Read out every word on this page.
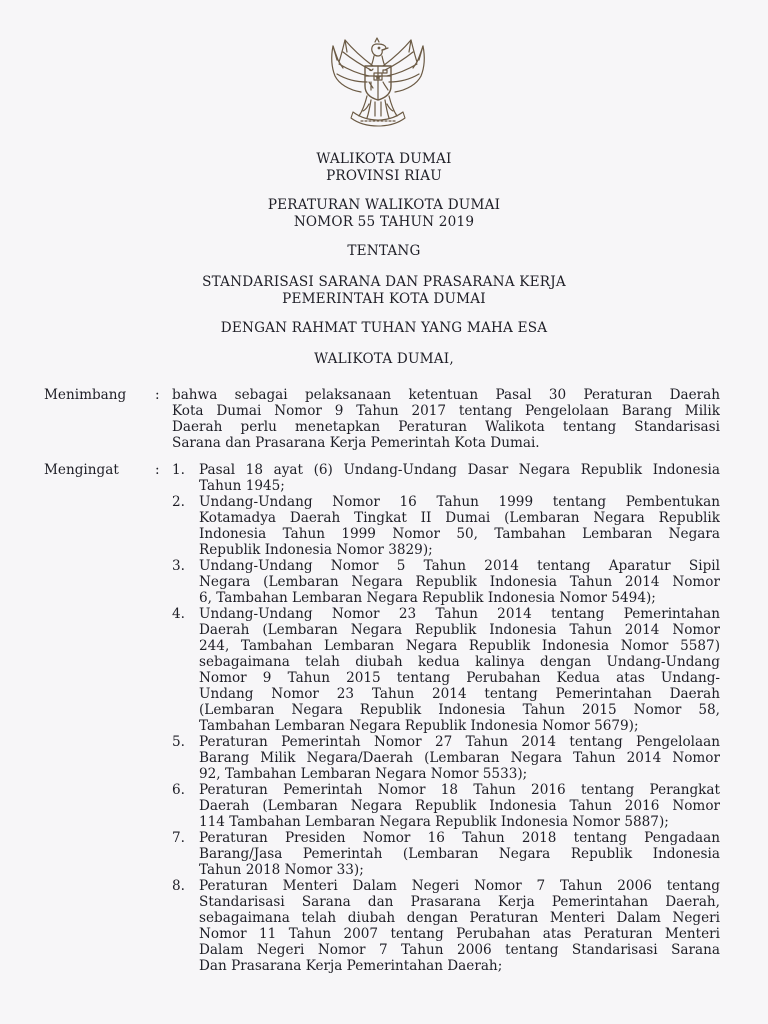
WALIKOTA DUMAI
PROVINSI RIAU
PERATURAN WALIKOTA DUMAI
NOMOR 55 TAHUN 2019
TENTANG
STANDARISASI SARANA DAN PRASARANA KERJA
PEMERINTAH KOTA DUMAI
DENGAN RAHMAT TUHAN YANG MAHA ESA
WALIKOTA DUMAI,
Menimbang : bahwa sebagai pelaksanaan ketentuan Pasal 30 Peraturan Daerah
Kota Dumai Nomor 9 Tahun 2017 tentang Pengelolaan Barang Milik
Daerah perlu menetapkan Peraturan Walikota tentang Standarisasi
Sarana dan Prasarana Kerja Pemerintah Kota Dumai.
Mengingat	: 1. Pasal 18 ayat (6) Undang-Undang Dasar Negara Republik Indonesia
Tahun 1945;
2. Undang-Undang Nomor 16 Tahun 1999 tentang Pembentukan
Kotamadya Daerah Tingkat II Dumai (Lembaran Negara Republik
Indonesia Tahun 1999 Nomor 50, Tambahan Lembaran Negara
Republik Indonesia Nomor 3829);
3. Undang-Undang Nomor 5 Tahun 2014 tentang Aparatur Sipil
Negara (Lembaran Negara Republik Indonesia Tahun 2014 Nomor
6, Tambahan Lembaran Negara Republik Indonesia Nomor 5494);
4. Undang-Undang Nomor 23 Tahun 2014 tentang Pemerintahan
Daerah (Lembaran Negara Republik Indonesia Tahun 2014 Nomor
244, Tambahan Lembaran Negara Republik Indonesia Nomor 5587)
sebagaimana telah diubah kedua kalinya dengan Undang-Undang
Nomor 9 Tahun 2015 tentang Perubahan Kedua atas Undang-
Undang Nomor 23 Tahun 2014 tentang Pemerintahan Daerah
(Lembaran Negara Republik Indonesia Tahun 2015 Nomor 58,
Tambahan Lembaran Negara Republik Indonesia Nomor 5679);
5. Peraturan Pemerintah Nomor 27 Tahun 2014 tentang Pengelolaan
Barang Milik Negara/Daerah (Lembaran Negara Tahun 2014 Nomor
92, Tambahan Lembaran Negara Nomor 5533);
6. Peraturan Pemerintah Nomor 18 Tahun 2016 tentang Perangkat
Daerah (Lembaran Negara Republik Indonesia Tahun 2016 Nomor
114 Tambahan Lembaran Negara Republik Indonesia Nomor 5887);
7. Peraturan Presiden Nomor 16 Tahun 2018 tentang Pengadaan
Barang/Jasa Pemerintah (Lembaran Negara Republik Indonesia
Tahun 2018 Nomor 33);
8. Peraturan Menteri Dalam Negeri Nomor 7 Tahun 2006 tentang
Standarisasi Sarana dan Prasarana Kerja Pemerintahan Daerah,
sebagaimana telah diubah dengan Peraturan Menteri Dalam Negeri
Nomor 11 Tahun 2007 tentang Perubahan atas Peraturan Menteri
Dalam Negeri Nomor 7 Tahun 2006 tentang Standarisasi Sarana
Dan Prasarana Kerja Pemerintahan Daerah;
